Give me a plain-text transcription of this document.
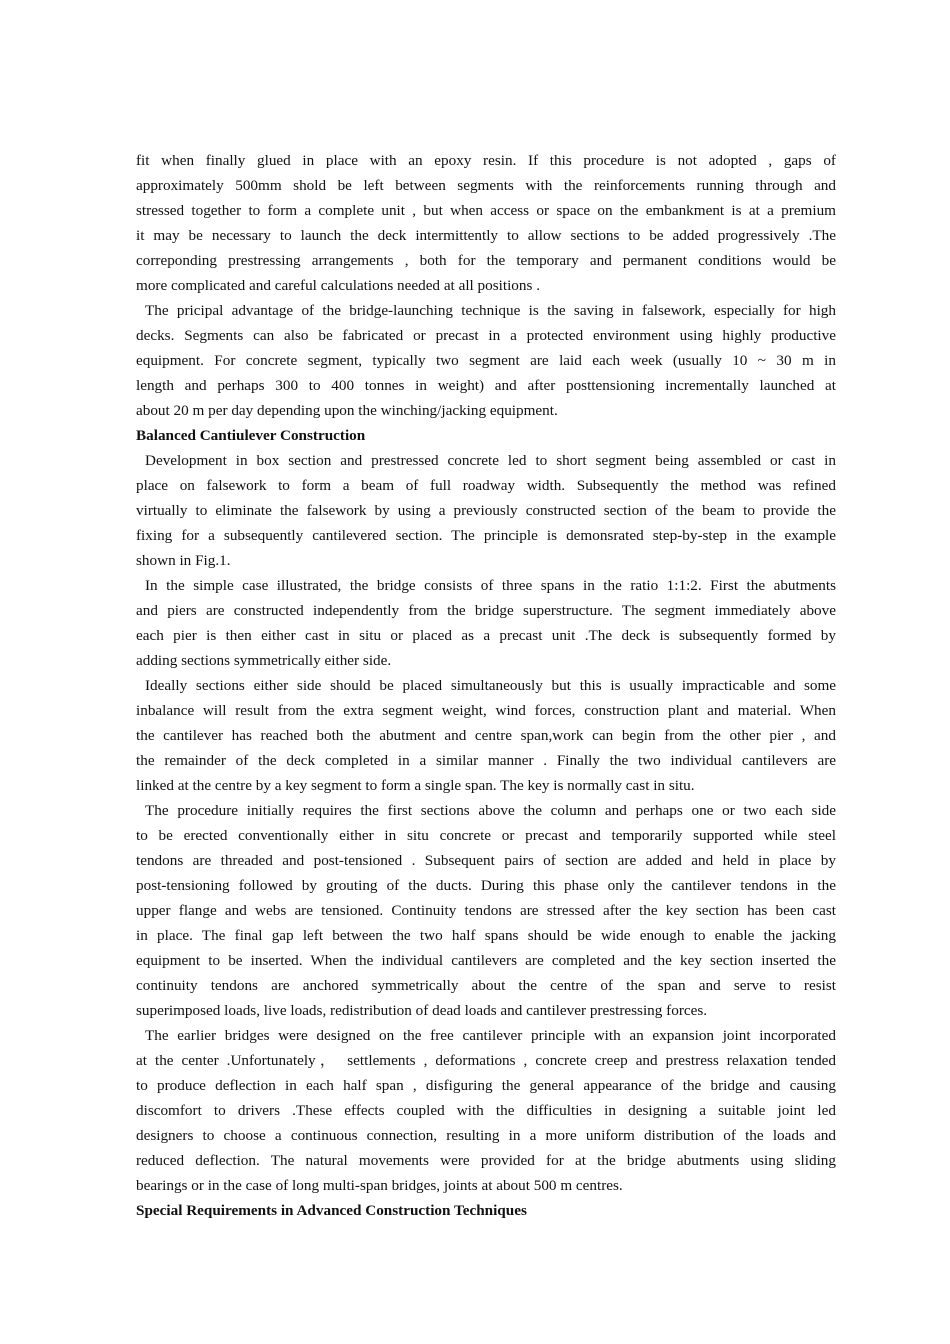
fit when finally glued in place with an epoxy resin. If this procedure is not adopted , gaps of
approximately 500mm shold be left between segments with the reinforcements running through and
stressed together to form a complete unit , but when access or space on the embankment is at a premium
it may be necessary to launch the deck intermittently to allow sections to be added progressively .The
correponding prestressing arrangements , both for the temporary and permanent conditions would be
more complicated and careful calculations needed at all positions .
The pricipal advantage of the bridge-launching technique is the saving in falsework, especially for high
decks. Segments can also be fabricated or precast in a protected environment using highly productive
equipment. For concrete segment, typically two segment are laid each week (usually 10 ~ 30 m in
length and perhaps 300 to 400 tonnes in weight) and after posttensioning incrementally launched at
about 20 m per day depending upon the winching/jacking equipment.
Balanced Cantiulever Construction
Development in box section and prestressed concrete led to short segment being assembled or cast in
place on falsework to form a beam of full roadway width. Subsequently the method was refined
virtually to eliminate the falsework by using a previously constructed section of the beam to provide the
fixing for a subsequently cantilevered section. The principle is demonsrated step-by-step in the example
shown in Fig.1.
In the simple case illustrated, the bridge consists of three spans in the ratio 1:1:2. First the abutments
and piers are constructed independently from the bridge superstructure. The segment immediately above
each pier is then either cast in situ or placed as a precast unit .The deck is subsequently formed by
adding sections symmetrically either side.
Ideally sections either side should be placed simultaneously but this is usually impracticable and some
inbalance will result from the extra segment weight, wind forces, construction plant and material. When
the cantilever has reached both the abutment and centre span,work can begin from the other pier , and
the remainder of the deck completed in a similar manner . Finally the two individual cantilevers are
linked at the centre by a key segment to form a single span. The key is normally cast in situ.
The procedure initially requires the first sections above the column and perhaps one or two each side
to be erected conventionally either in situ concrete or precast and temporarily supported while steel
tendons are threaded and post-tensioned . Subsequent pairs of section are added and held in place by
post-tensioning followed by grouting of the ducts. During this phase only the cantilever tendons in the
upper flange and webs are tensioned. Continuity tendons are stressed after the key section has been cast
in place. The final gap left between the two half spans should be wide enough to enable the jacking
equipment to be inserted. When the individual cantilevers are completed and the key section inserted the
continuity tendons are anchored symmetrically about the centre of the span and serve to resist
superimposed loads, live loads, redistribution of dead loads and cantilever prestressing forces.
The earlier bridges were designed on the free cantilever principle with an expansion joint incorporated
at the center .Unfortunately， settlements , deformations , concrete creep and prestress relaxation tended
to produce deflection in each half span , disfiguring the general appearance of the bridge and causing
discomfort to drivers .These effects coupled with the difficulties in designing a suitable joint led
designers to choose a continuous connection, resulting in a more uniform distribution of the loads and
reduced deflection. The natural movements were provided for at the bridge abutments using sliding
bearings or in the case of long multi-span bridges, joints at about 500 m centres.
Special Requirements in Advanced Construction Techniques
